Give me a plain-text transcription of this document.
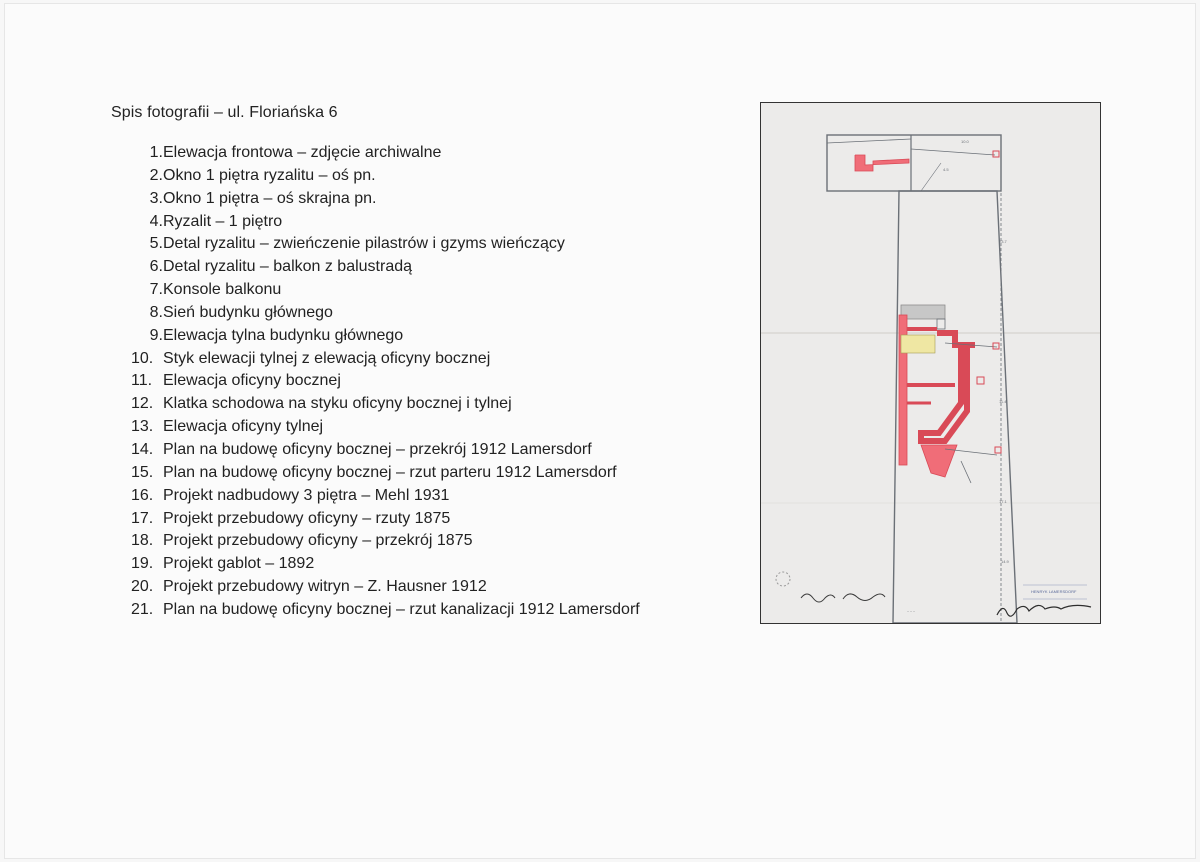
Spis fotografii – ul. Floriańska 6
1. Elewacja frontowa – zdjęcie archiwalne
2. Okno 1 piętra ryzalitu – oś pn.
3. Okno 1 piętra – oś skrajna pn.
4. Ryzalit – 1 piętro
5. Detal ryzalitu – zwieńczenie pilastrów i gzyms wieńczący
6. Detal ryzalitu – balkon z balustradą
7. Konsole balkonu
8. Sień budynku głównego
9. Elewacja tylna budynku głównego
10. Styk elewacji tylnej z elewacją oficyny bocznej
11. Elewacja oficyny bocznej
12. Klatka schodowa na styku oficyny bocznej i tylnej
13. Elewacja oficyny tylnej
14. Plan na budowę oficyny bocznej – przekrój 1912 Lamersdorf
15. Plan na budowę oficyny bocznej – rzut parteru 1912 Lamersdorf
16. Projekt nadbudowy 3 piętra – Mehl 1931
17. Projekt przebudowy oficyny – rzuty 1875
18. Projekt przebudowy oficyny – przekrój 1875
19. Projekt gablot – 1892
20. Projekt przebudowy witryn – Z. Hausner 1912
21. Plan na budowę oficyny bocznej – rzut kanalizacji 1912 Lamersdorf
10.0
4.5
23.7
11.4
17.1
14.9
HENRYK LAMERSDORF
~ ~ ~
